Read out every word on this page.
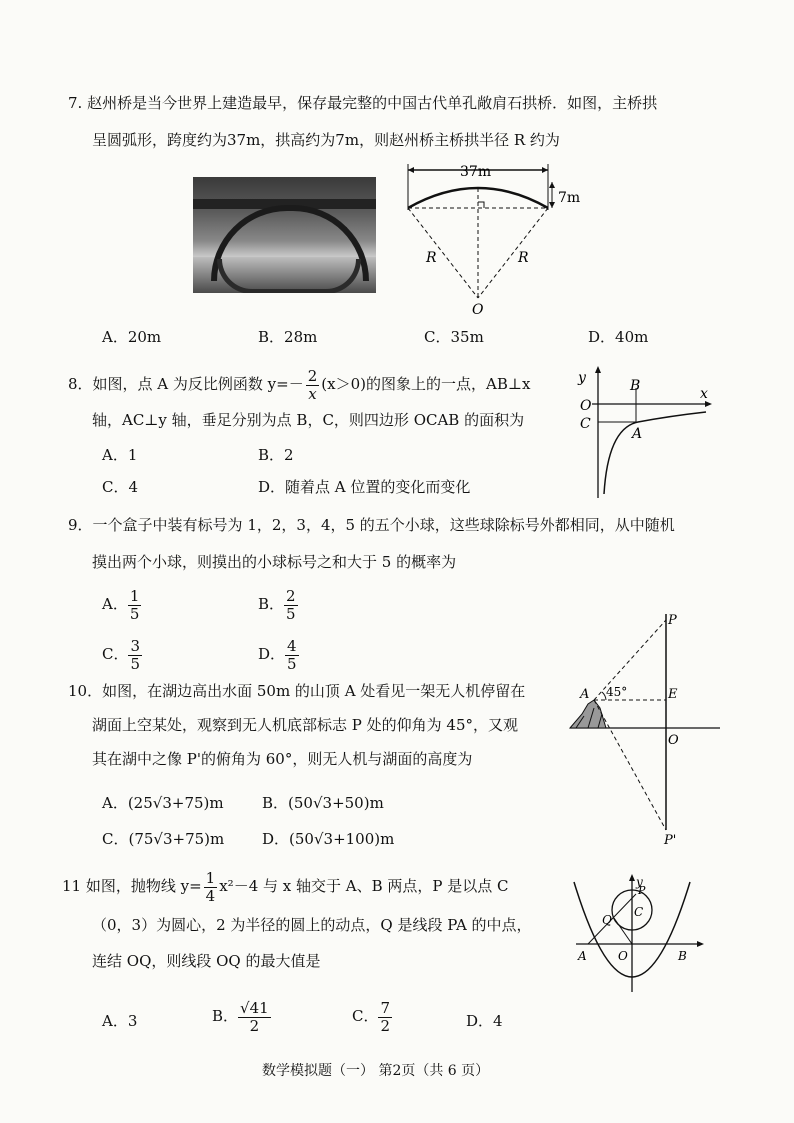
7. 赵州桥是当今世界上建造最早，保存最完整的中国古代单孔敞肩石拱桥．如图，主桥拱
呈圆弧形，跨度约为37m，拱高约为7m，则赵州桥主桥拱半径 R 约为
37m
7m
R	R
O
A．20m	B．28m	C．35m	D．40m
8．如图，点 A 为反比例函数 $y=- \frac{2}{x} (x>0)$的图象上的一点，AB⊥x
轴，AC⊥y 轴，垂足分别为点 B，C，则四边形 OCAB 的面积为
A．1	B．2
C．4	D．随着点 A 位置的变化而变化
y
x
O
B
C
A
9．一个盒子中装有标号为 1，2，3，4，5 的五个小球，这些球除标号外都相同，从中随机
摸出两个小球，则摸出的小球标号之和大于 5 的概率为
A． $\frac{1}{5}$	B． $\frac{2}{5}$
C． $\frac{3}{5}$	D． $\frac{4}{5}$
10．如图，在湖边高出水面 50m 的山顶 A 处看见一架无人机停留在
湖面上空某处，观察到无人机底部标志 P 处的仰角为 45°，又观
其在湖中之像 P'的俯角为 60°，则无人机与湖面的高度为
A．(25√3+75)m	B．(50√3+50)m
C．(75√3+75)m	D．(50√3+100)m
P
A 45°	E
O
P'
11 如图，抛物线 $y= \frac{1}{4} x^2-4$ 与 x 轴交于 A、B 两点，P 是以点 C
（0，3）为圆心，2 为半径的圆上的动点，Q 是线段 PA 的中点，
连结 OQ，则线段 OQ 的最大值是
A．3	B． $\frac{√41}{2}$	C． $\frac{7}{2}$	D．4
y
C
P
Q
A	O	B
数学模拟题（一） 第2页（共 6 页）
